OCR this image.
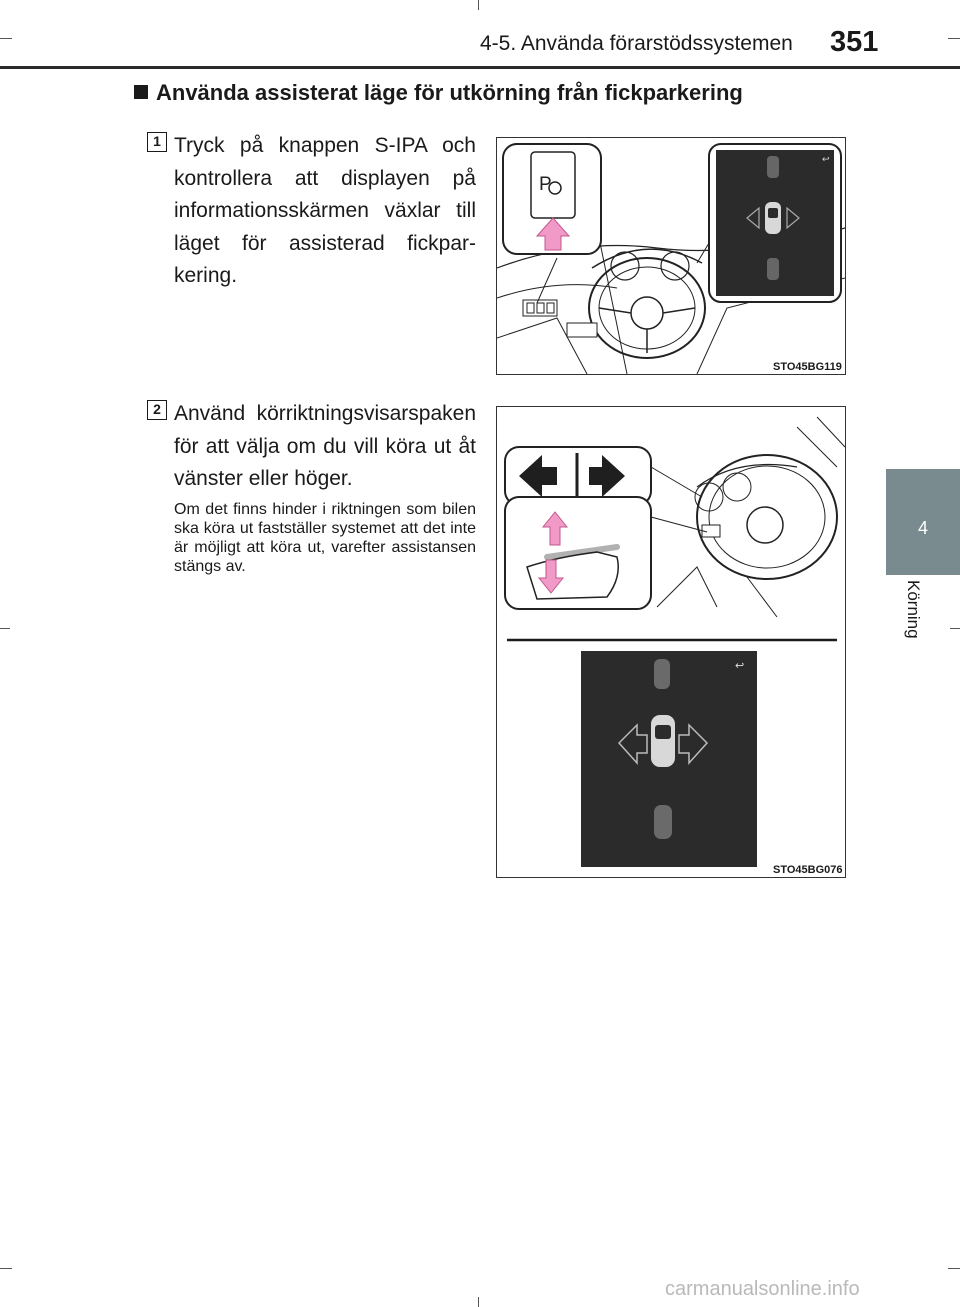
4-5. Använda förarstödssystemen 351
Använda assisterat läge för utkörning från fickparkering
1 Tryck på knappen S-IPA och kontrollera att displayen på informationsskärmen växlar till läget för assisterad fickparkering.
P
↩
STO45BG119
2 Använd körriktningsvisarspaken för att välja om du vill köra ut åt vänster eller höger.
Om det finns hinder i riktningen som bilen ska köra ut fastställer systemet att det inte är möjligt att köra ut, varefter assistansen stängs av.
↩
STO45BG076
4
Körning
carmanualsonline.info
